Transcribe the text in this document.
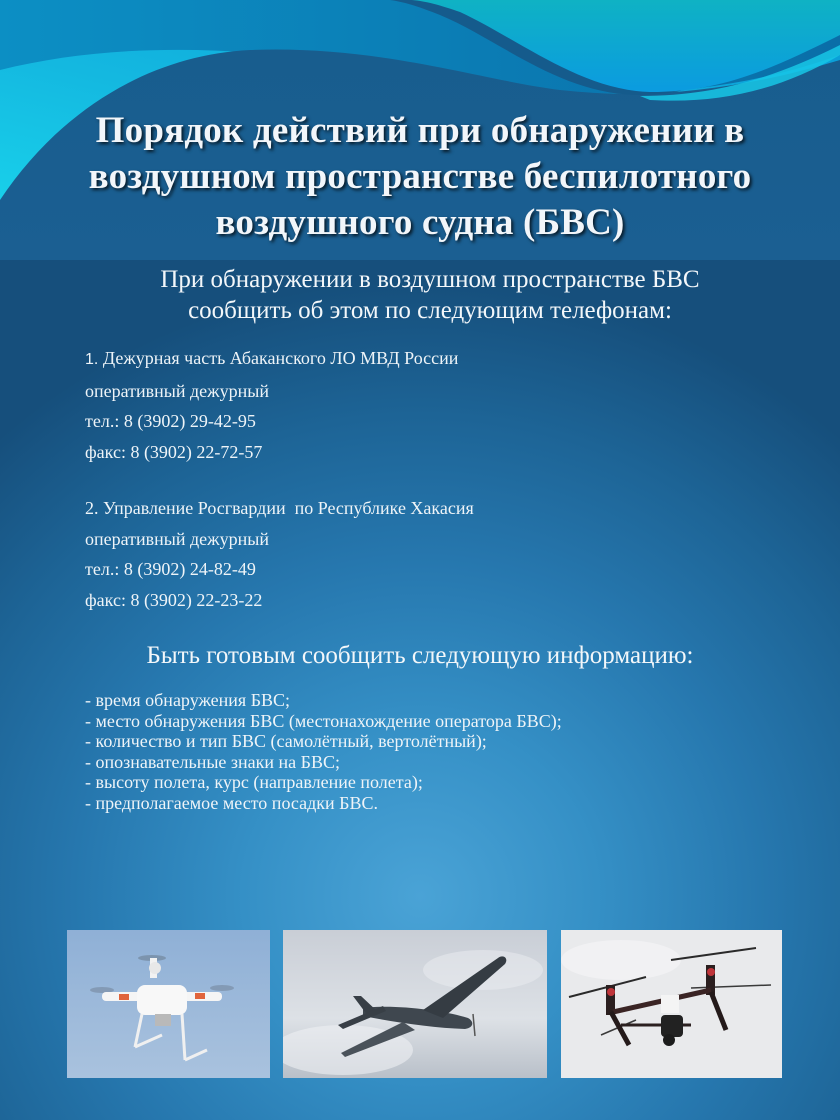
Порядок действий при обнаружении в
воздушном пространстве беспилотного
воздушного судна (БВС)
При обнаружении в воздушном пространстве БВС
сообщить об этом по следующим телефонам:
1. Дежурная часть Абаканского ЛО МВД России
оперативный дежурный
тел.: 8 (3902) 29-42-95
факс: 8 (3902) 22-72-57
2. Управление Росгвардии  по Республике Хакасия
оперативный дежурный
тел.: 8 (3902) 24-82-49
факс: 8 (3902) 22-23-22
Быть готовым сообщить следующую информацию:
- время обнаружения БВС;
- место обнаружения БВС (местонахождение оператора БВС);
- количество и тип БВС (самолётный, вертолётный);
- опознавательные знаки на БВС;
- высоту полета, курс (направление полета);
- предполагаемое место посадки БВС.
